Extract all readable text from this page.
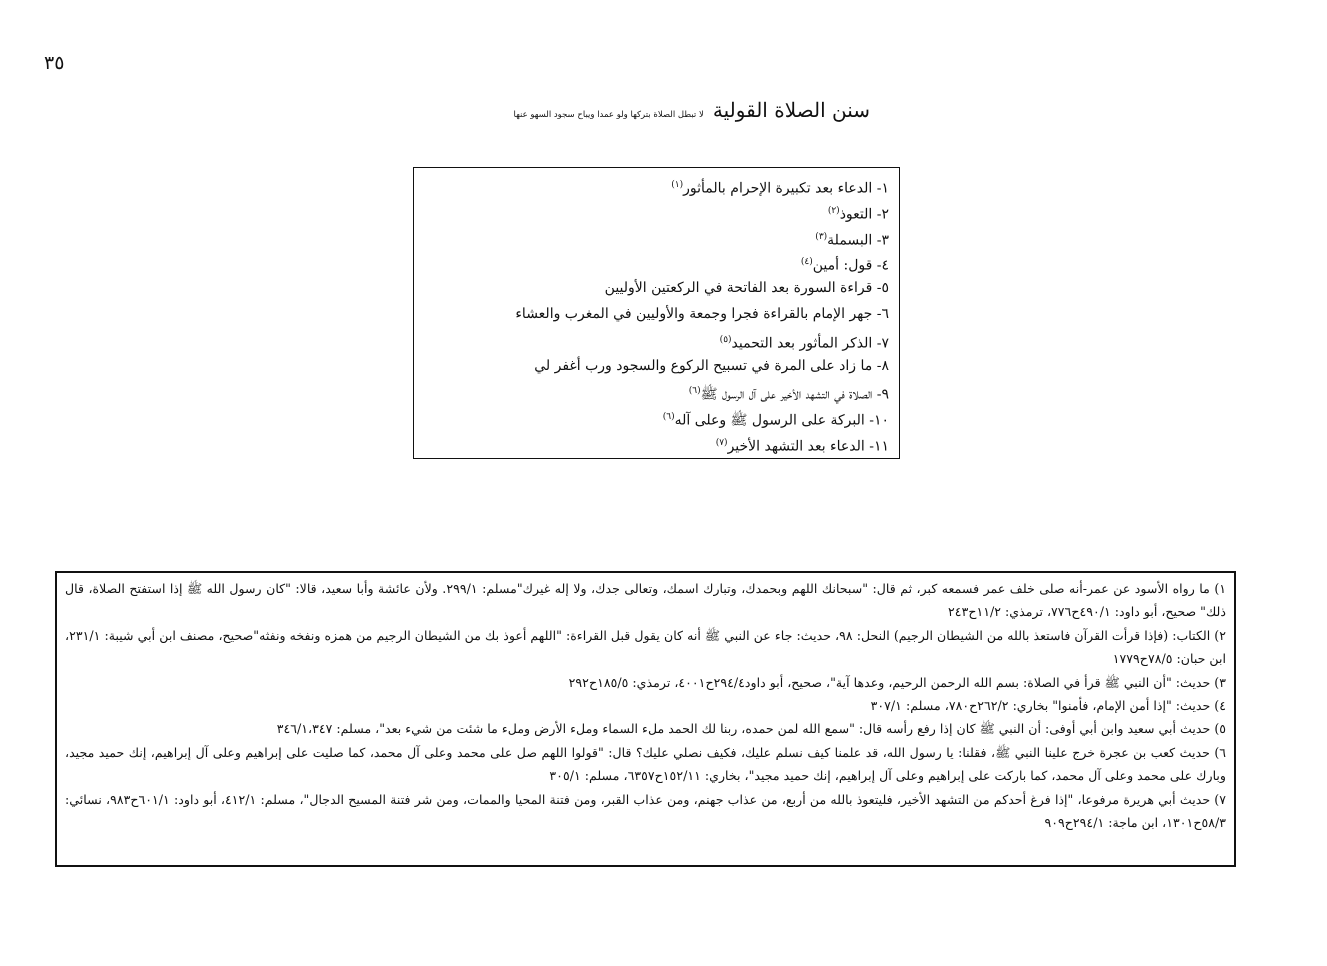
٣٥
سنن الصلاة القولية لا تبطل الصلاة بتركها ولو عمدا ويباح سجود السهو عنها
١- الدعاء بعد تكبيرة الإحرام بالمأثور$^{(١)}$
٢- التعوذ$^{(٢)}$
٣- البسملة$^{(٣)}$
٤- قول: أمين$^{(٤)}$
٥- قراءة السورة بعد الفاتحة في الركعتين الأوليين
٦- جهر الإمام بالقراءة فجرا وجمعة والأوليين في المغرب والعشاء
٧- الذكر المأثور بعد التحميد$^{(٥)}$
٨- ما زاد على المرة في تسبيح الركوع والسجود ورب أغفر لي
٩- الصلاة في التشهد الأخير على آل الرسول ﷺ$^{(٦)}$
١٠- البركة على الرسول ﷺ وعلى آله$^{(٦)}$
١١- الدعاء بعد التشهد الأخير$^{(٧)}$

١) ما رواه الأسود عن عمر-أنه صلى خلف عمر فسمعه كبر، ثم قال: "سبحانك اللهم وبحمدك، وتبارك اسمك، وتعالى جدك، ولا إله غيرك"مسلم: ٢٩٩/١. ولأن عائشة وأبا سعيد، قالا: "كان رسول الله ﷺ إذا استفتح الصلاة، قال ذلك" صحيح، أبو داود: ٤٩٠/١ح٧٧٦، ترمذي: ١١/٢ح٢٤٣

٢) الكتاب: (فإذا قرأت القرآن فاستعذ بالله من الشيطان الرجيم) النحل: ٩٨، حديث: جاء عن النبي ﷺ أنه كان يقول قبل القراءة: "اللهم أعوذ بك من الشيطان الرجيم من همزه ونفخه ونفثه"صحيح، مصنف ابن أبي شيبة: ٢٣١/١، ابن حبان: ٧٨/٥ح١٧٧٩

٣) حديث: "أن النبي ﷺ قرأ في الصلاة: بسم الله الرحمن الرحيم، وعدها آية"، صحيح، أبو داود٢٩٤/٤ح٤٠٠١، ترمذي: ١٨٥/٥ح٢٩٢

٤) حديث: "إذا أمن الإمام، فأمنوا" بخاري: ٢٦٢/٢ح٧٨٠، مسلم: ٣٠٧/١

٥) حديث أبي سعيد وابن أبي أوفى: أن النبي ﷺ كان إذا رفع رأسه قال: "سمع الله لمن حمده، ربنا لك الحمد ملء السماء وملء الأرض وملء ما شئت من شيء بعد"، مسلم: ٣٤٦/١،٣٤٧

٦) حديث كعب بن عجرة خرج علينا النبي ﷺ، فقلنا: يا رسول الله، قد علمنا كيف نسلم عليك، فكيف نصلي عليك؟ قال: "قولوا اللهم صل على محمد وعلى آل محمد، كما صليت على إبراهيم وعلى آل إبراهيم، إنك حميد مجيد، وبارك على محمد وعلى آل محمد، كما باركت على إبراهيم وعلى آل إبراهيم، إنك حميد مجيد"، بخاري: ١٥٢/١١ح٦٣٥٧، مسلم: ٣٠٥/١

٧) حديث أبي هريرة مرفوعا، "إذا فرغ أحدكم من التشهد الأخير، فليتعوذ بالله من أربع، من عذاب جهنم، ومن عذاب القبر، ومن فتنة المحيا والممات، ومن شر فتنة المسيح الدجال"، مسلم: ٤١٢/١، أبو داود: ٦٠١/١ح٩٨٣، نسائي: ٥٨/٣ح١٣٠١، ابن ماجة: ٢٩٤/١ح٩٠٩
